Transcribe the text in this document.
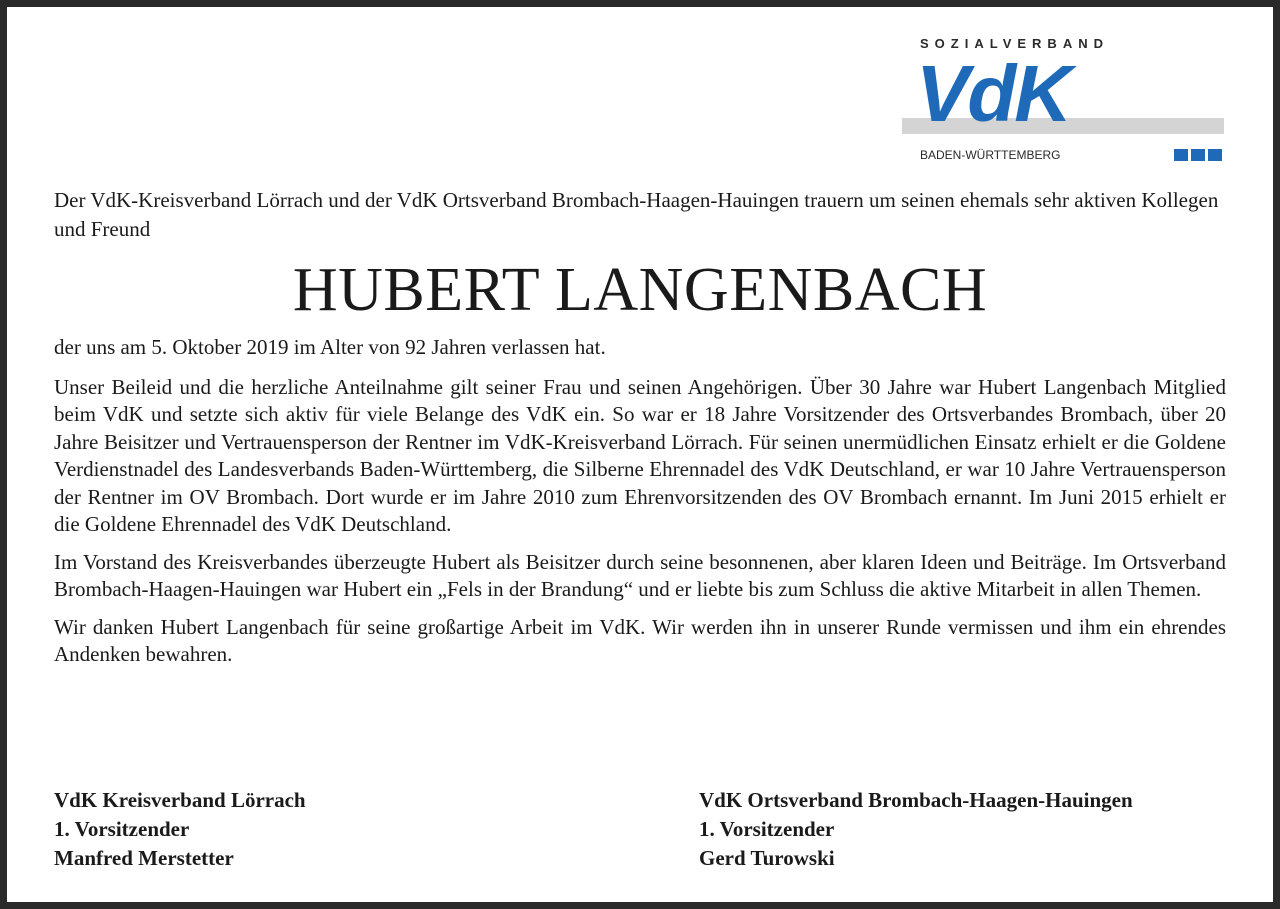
SOZIALVERBAND
VdK
BADEN-WÜRTTEMBERG

Der VdK-Kreisverband Lörrach und der VdK Ortsverband Brombach-Haagen-Hauingen trauern um seinen ehemals sehr aktiven Kollegen und Freund

HUBERT LANGENBACH

der uns am 5. Oktober 2019 im Alter von 92 Jahren verlassen hat.

Unser Beileid und die herzliche Anteilnahme gilt seiner Frau und seinen Angehörigen. Über 30 Jahre war Hubert Langenbach Mitglied beim VdK und setzte sich aktiv für viele Belange des VdK ein. So war er 18 Jahre Vorsitzender des Ortsverbandes Brombach, über 20 Jahre Beisitzer und Vertrauensperson der Rentner im VdK-Kreisverband Lörrach. Für seinen unermüdlichen Einsatz erhielt er die Goldene Verdienstnadel des Landesverbands Baden-Württemberg, die Silberne Ehrennadel des VdK Deutschland, er war 10 Jahre Vertrauensperson der Rentner im OV Brombach. Dort wurde er im Jahre 2010 zum Ehrenvorsitzenden des OV Brombach ernannt. Im Juni 2015 erhielt er die Goldene Ehrennadel des VdK Deutschland.

Im Vorstand des Kreisverbandes überzeugte Hubert als Beisitzer durch seine besonnenen, aber klaren Ideen und Beiträge. Im Ortsverband Brombach-Haagen-Hauingen war Hubert ein „Fels in der Brandung“ und er liebte bis zum Schluss die aktive Mitarbeit in allen Themen.

Wir danken Hubert Langenbach für seine großartige Arbeit im VdK. Wir werden ihn in unserer Runde vermissen und ihm ein ehrendes Andenken bewahren.

VdK Kreisverband Lörrach
1. Vorsitzender
Manfred Merstetter
VdK Ortsverband Brombach-Haagen-Hauingen
1. Vorsitzender
Gerd Turowski
